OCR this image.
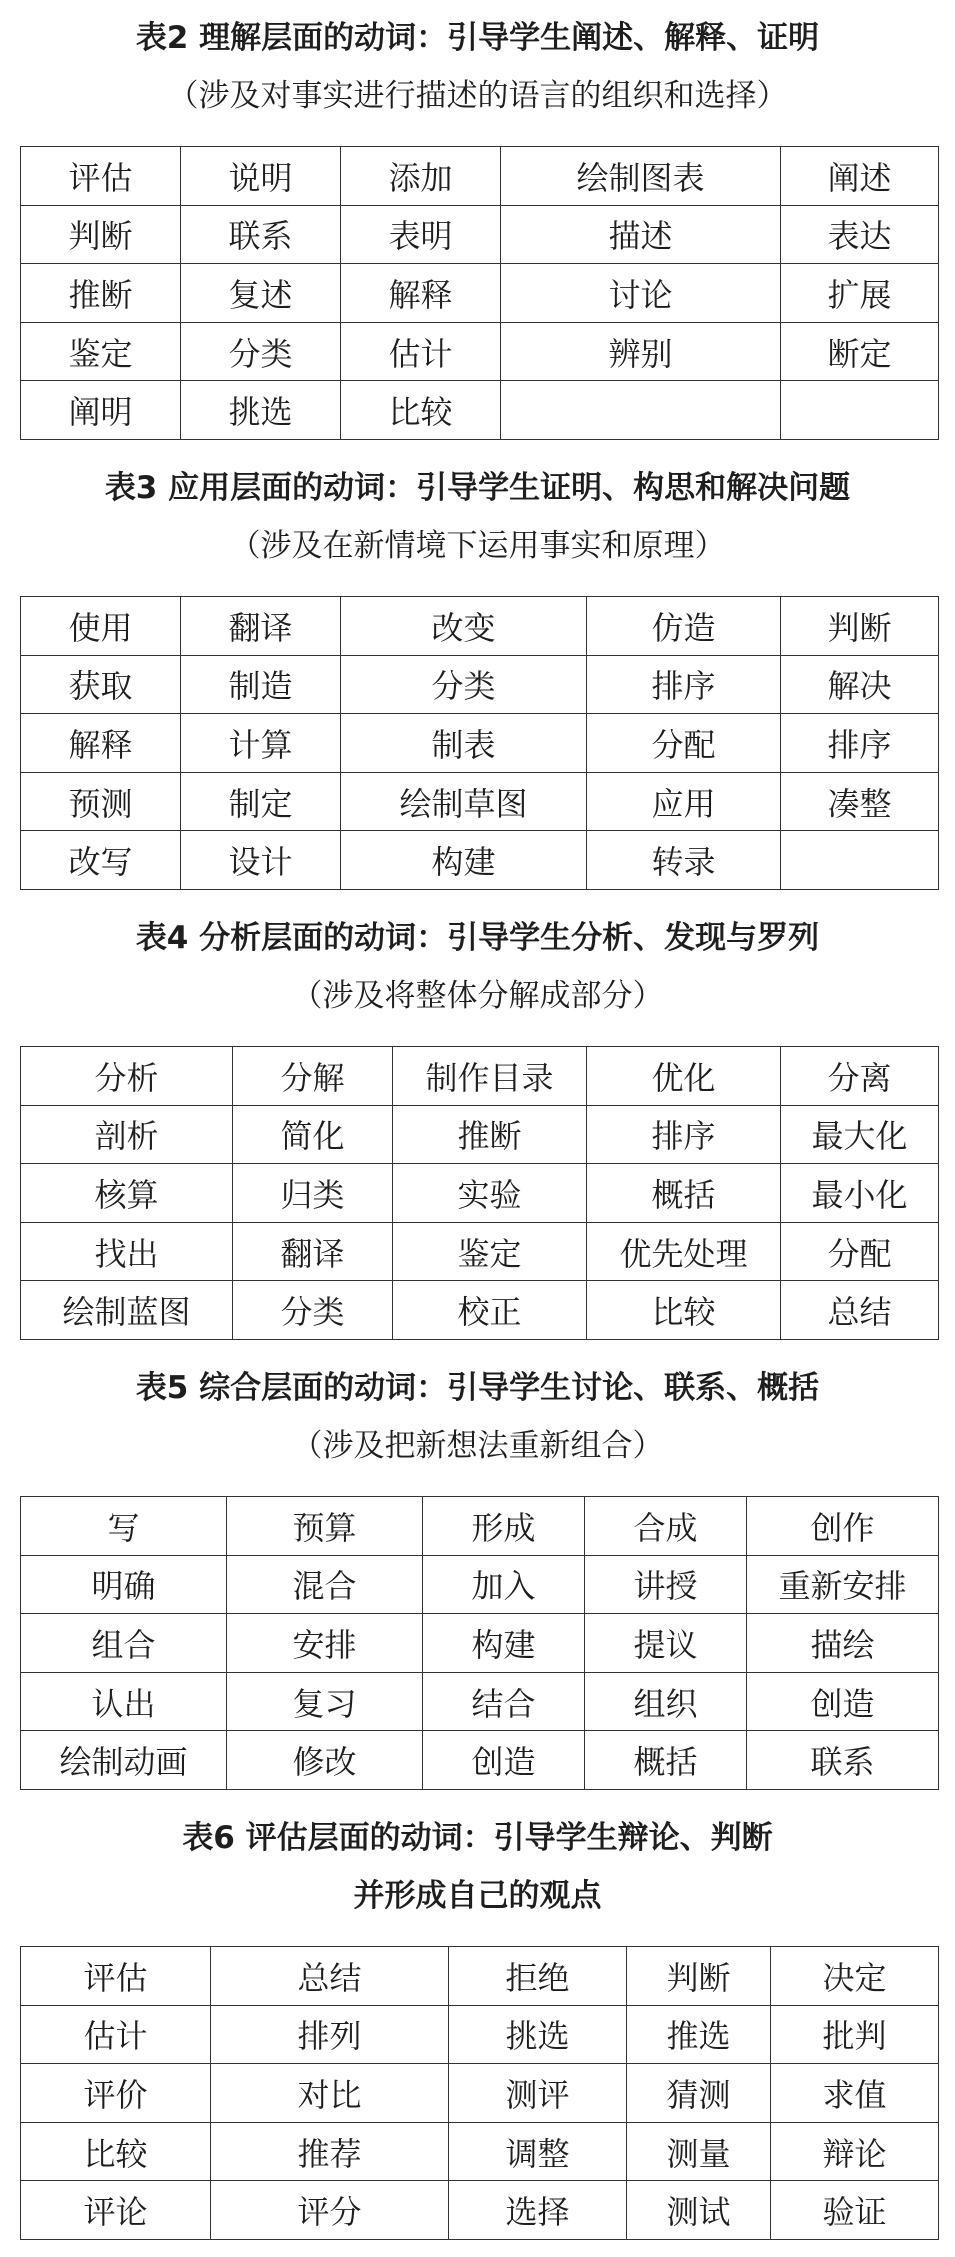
表2 理解层面的动词：引导学生阐述、解释、证明
（涉及对事实进行描述的语言的组织和选择）
评估	说明	添加	绘制图表	阐述
判断	联系	表明	描述	表达
推断	复述	解释	讨论	扩展
鉴定	分类	估计	辨别	断定
阐明	挑选	比较		
表3 应用层面的动词：引导学生证明、构思和解决问题
（涉及在新情境下运用事实和原理）
使用	翻译	改变	仿造	判断
获取	制造	分类	排序	解决
解释	计算	制表	分配	排序
预测	制定	绘制草图	应用	凑整
改写	设计	构建	转录	
表4 分析层面的动词：引导学生分析、发现与罗列
（涉及将整体分解成部分）
分析	分解	制作目录	优化	分离
剖析	简化	推断	排序	最大化
核算	归类	实验	概括	最小化
找出	翻译	鉴定	优先处理	分配
绘制蓝图	分类	校正	比较	总结
表5 综合层面的动词：引导学生讨论、联系、概括
（涉及把新想法重新组合）
写	预算	形成	合成	创作
明确	混合	加入	讲授	重新安排
组合	安排	构建	提议	描绘
认出	复习	结合	组织	创造
绘制动画	修改	创造	概括	联系
表6 评估层面的动词：引导学生辩论、判断
并形成自己的观点
评估	总结	拒绝	判断	决定
估计	排列	挑选	推选	批判
评价	对比	测评	猜测	求值
比较	推荐	调整	测量	辩论
评论	评分	选择	测试	验证
